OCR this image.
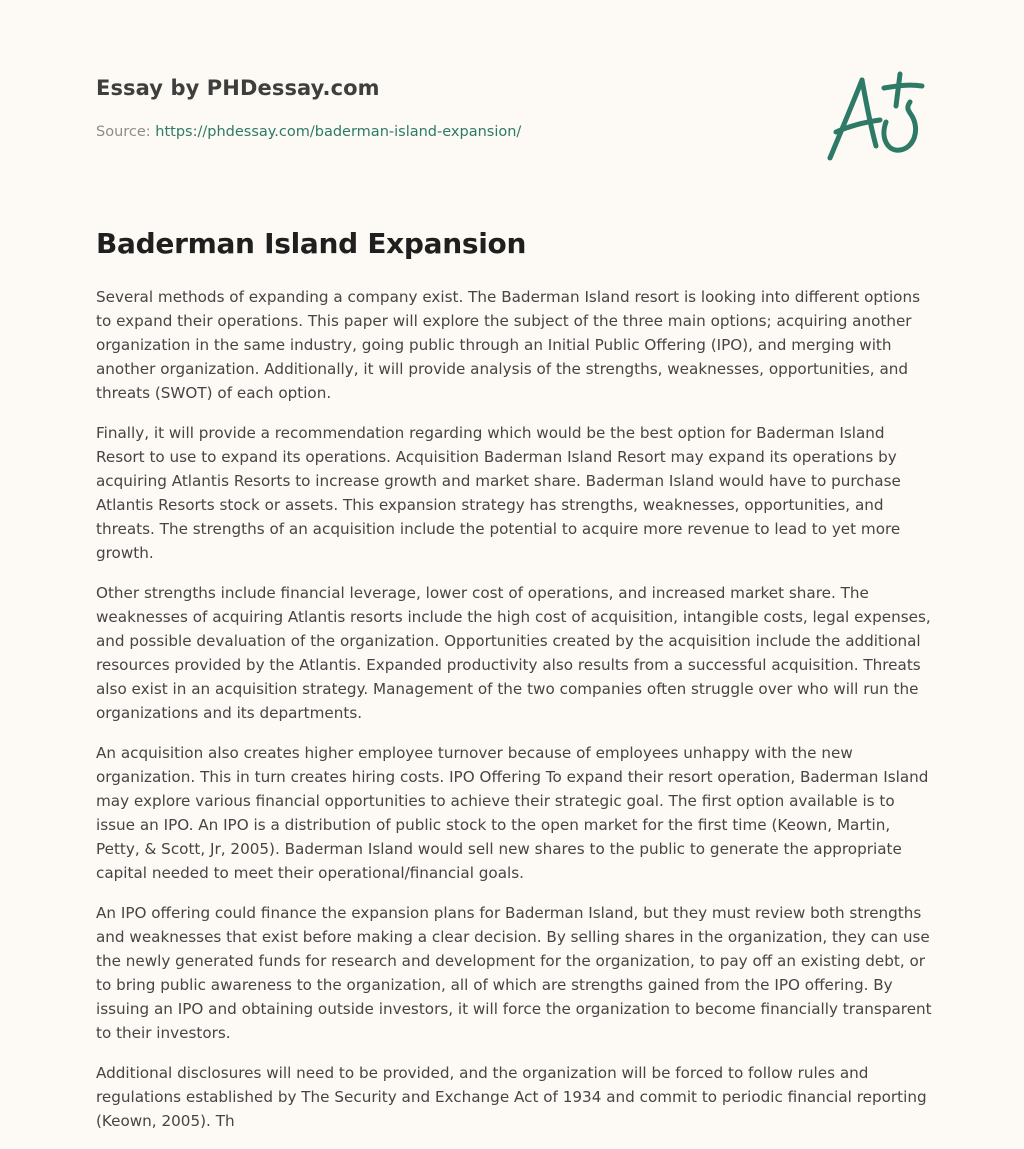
Essay by PHDessay.com
Source: https://phdessay.com/baderman-island-expansion/
Baderman Island Expansion

Several methods of expanding a company exist. The Baderman Island resort is looking into different options to expand their operations. This paper will explore the subject of the three main options; acquiring another organization in the same industry, going public through an Initial Public Offering (IPO), and merging with another organization. Additionally, it will provide analysis of the strengths, weaknesses, opportunities, and threats (SWOT) of each option.

Finally, it will provide a recommendation regarding which would be the best option for Baderman Island Resort to use to expand its operations. Acquisition Baderman Island Resort may expand its operations by acquiring Atlantis Resorts to increase growth and market share. Baderman Island would have to purchase Atlantis Resorts stock or assets. This expansion strategy has strengths, weaknesses, opportunities, and threats. The strengths of an acquisition include the potential to acquire more revenue to lead to yet more growth.

Other strengths include financial leverage, lower cost of operations, and increased market share. The weaknesses of acquiring Atlantis resorts include the high cost of acquisition, intangible costs, legal expenses, and possible devaluation of the organization. Opportunities created by the acquisition include the additional resources provided by the Atlantis. Expanded productivity also results from a successful acquisition. Threats also exist in an acquisition strategy. Management of the two companies often struggle over who will run the organizations and its departments.

An acquisition also creates higher employee turnover because of employees unhappy with the new organization. This in turn creates hiring costs. IPO Offering To expand their resort operation, Baderman Island may explore various financial opportunities to achieve their strategic goal. The first option available is to issue an IPO. An IPO is a distribution of public stock to the open market for the first time (Keown, Martin, Petty, & Scott, Jr, 2005). Baderman Island would sell new shares to the public to generate the appropriate capital needed to meet their operational/financial goals.

An IPO offering could finance the expansion plans for Baderman Island, but they must review both strengths and weaknesses that exist before making a clear decision. By selling shares in the organization, they can use the newly generated funds for research and development for the organization, to pay off an existing debt, or to bring public awareness to the organization, all of which are strengths gained from the IPO offering. By issuing an IPO and obtaining outside investors, it will force the organization to become financially transparent to their investors.

Additional disclosures will need to be provided, and the organization will be forced to follow rules and regulations established by The Security and Exchange Act of 1934 and commit to periodic financial reporting (Keown, 2005). Th
